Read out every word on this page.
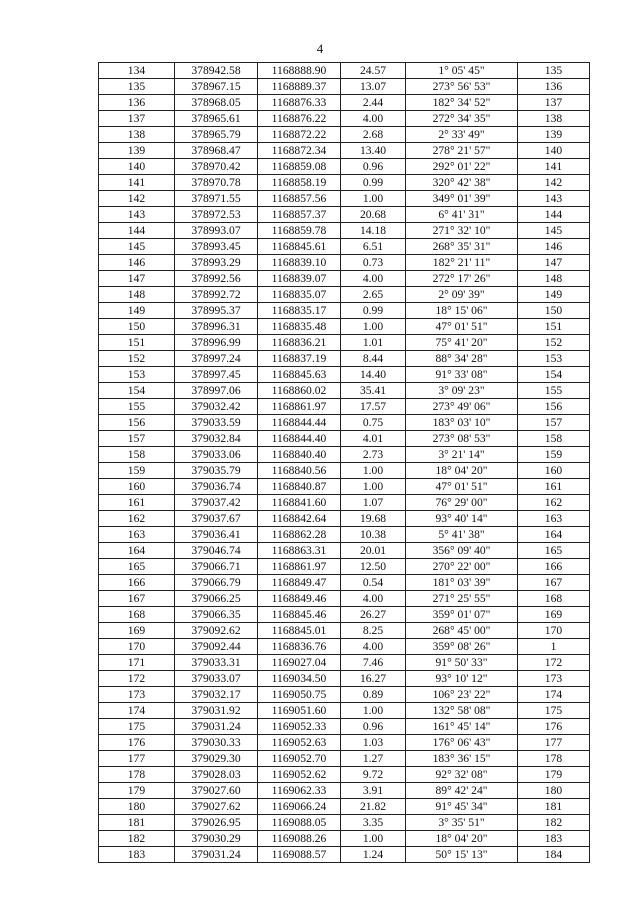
4
134	378942.58	1168888.90	24.57	1° 05' 45"	135
135	378967.15	1168889.37	13.07	273° 56' 53"	136
136	378968.05	1168876.33	2.44	182° 34' 52"	137
137	378965.61	1168876.22	4.00	272° 34' 35"	138
138	378965.79	1168872.22	2.68	2° 33' 49"	139
139	378968.47	1168872.34	13.40	278° 21' 57"	140
140	378970.42	1168859.08	0.96	292° 01' 22"	141
141	378970.78	1168858.19	0.99	320° 42' 38"	142
142	378971.55	1168857.56	1.00	349° 01' 39"	143
143	378972.53	1168857.37	20.68	6° 41' 31"	144
144	378993.07	1168859.78	14.18	271° 32' 10"	145
145	378993.45	1168845.61	6.51	268° 35' 31"	146
146	378993.29	1168839.10	0.73	182° 21' 11"	147
147	378992.56	1168839.07	4.00	272° 17' 26"	148
148	378992.72	1168835.07	2.65	2° 09' 39"	149
149	378995.37	1168835.17	0.99	18° 15' 06"	150
150	378996.31	1168835.48	1.00	47° 01' 51"	151
151	378996.99	1168836.21	1.01	75° 41' 20"	152
152	378997.24	1168837.19	8.44	88° 34' 28"	153
153	378997.45	1168845.63	14.40	91° 33' 08"	154
154	378997.06	1168860.02	35.41	3° 09' 23"	155
155	379032.42	1168861.97	17.57	273° 49' 06"	156
156	379033.59	1168844.44	0.75	183° 03' 10"	157
157	379032.84	1168844.40	4.01	273° 08' 53"	158
158	379033.06	1168840.40	2.73	3° 21' 14"	159
159	379035.79	1168840.56	1.00	18° 04' 20"	160
160	379036.74	1168840.87	1.00	47° 01' 51"	161
161	379037.42	1168841.60	1.07	76° 29' 00"	162
162	379037.67	1168842.64	19.68	93° 40' 14"	163
163	379036.41	1168862.28	10.38	5° 41' 38"	164
164	379046.74	1168863.31	20.01	356° 09' 40"	165
165	379066.71	1168861.97	12.50	270° 22' 00"	166
166	379066.79	1168849.47	0.54	181° 03' 39"	167
167	379066.25	1168849.46	4.00	271° 25' 55"	168
168	379066.35	1168845.46	26.27	359° 01' 07"	169
169	379092.62	1168845.01	8.25	268° 45' 00"	170
170	379092.44	1168836.76	4.00	359° 08' 26"	1
171	379033.31	1169027.04	7.46	91° 50' 33"	172
172	379033.07	1169034.50	16.27	93° 10' 12"	173
173	379032.17	1169050.75	0.89	106° 23' 22"	174
174	379031.92	1169051.60	1.00	132° 58' 08"	175
175	379031.24	1169052.33	0.96	161° 45' 14"	176
176	379030.33	1169052.63	1.03	176° 06' 43"	177
177	379029.30	1169052.70	1.27	183° 36' 15"	178
178	379028.03	1169052.62	9.72	92° 32' 08"	179
179	379027.60	1169062.33	3.91	89° 42' 24"	180
180	379027.62	1169066.24	21.82	91° 45' 34"	181
181	379026.95	1169088.05	3.35	3° 35' 51"	182
182	379030.29	1169088.26	1.00	18° 04' 20"	183
183	379031.24	1169088.57	1.24	50° 15' 13"	184
